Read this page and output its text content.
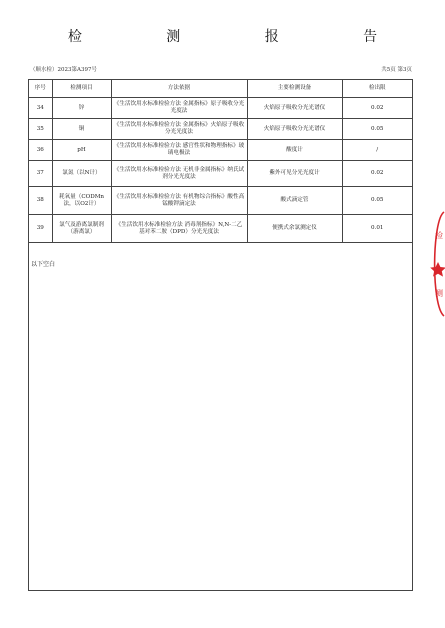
检 测 报 告
（顺水检）2023第A397号	共5页 第3页
序号	检测项目	方法依据	主要检测设备	检出限
34	锌	《生活饮用水标准检验方法 金属指标》原子吸收分光光度法	火焰原子吸收分光光谱仪	0.02
35	铜	《生活饮用水标准检验方法 金属指标》火焰原子吸收分光光度法	火焰原子吸收分光光谱仪	0.05
36	pH	《生活饮用水标准检验方法 感官性状和物理指标》玻璃电极法	酸度计	/
37	氯氮（以N计）	《生活饮用水标准检验方法 无机非金属指标》纳氏试剂分光光度法	紫外可见分光光度计	0.02
38	耗氧量（CODMn法，以O2计）	《生活饮用水标准检验方法 有机物综合指标》酸性高锰酸钾滴定法	酸式滴定管	0.05
39	氯气及游离氯制剂（游离氯）	《生活饮用水标准检验方法 消毒剂指标》N,N-二乙基对苯二胺（DPD）分光光度法	便携式余氯测定仪	0.01
以下空白
检
测
